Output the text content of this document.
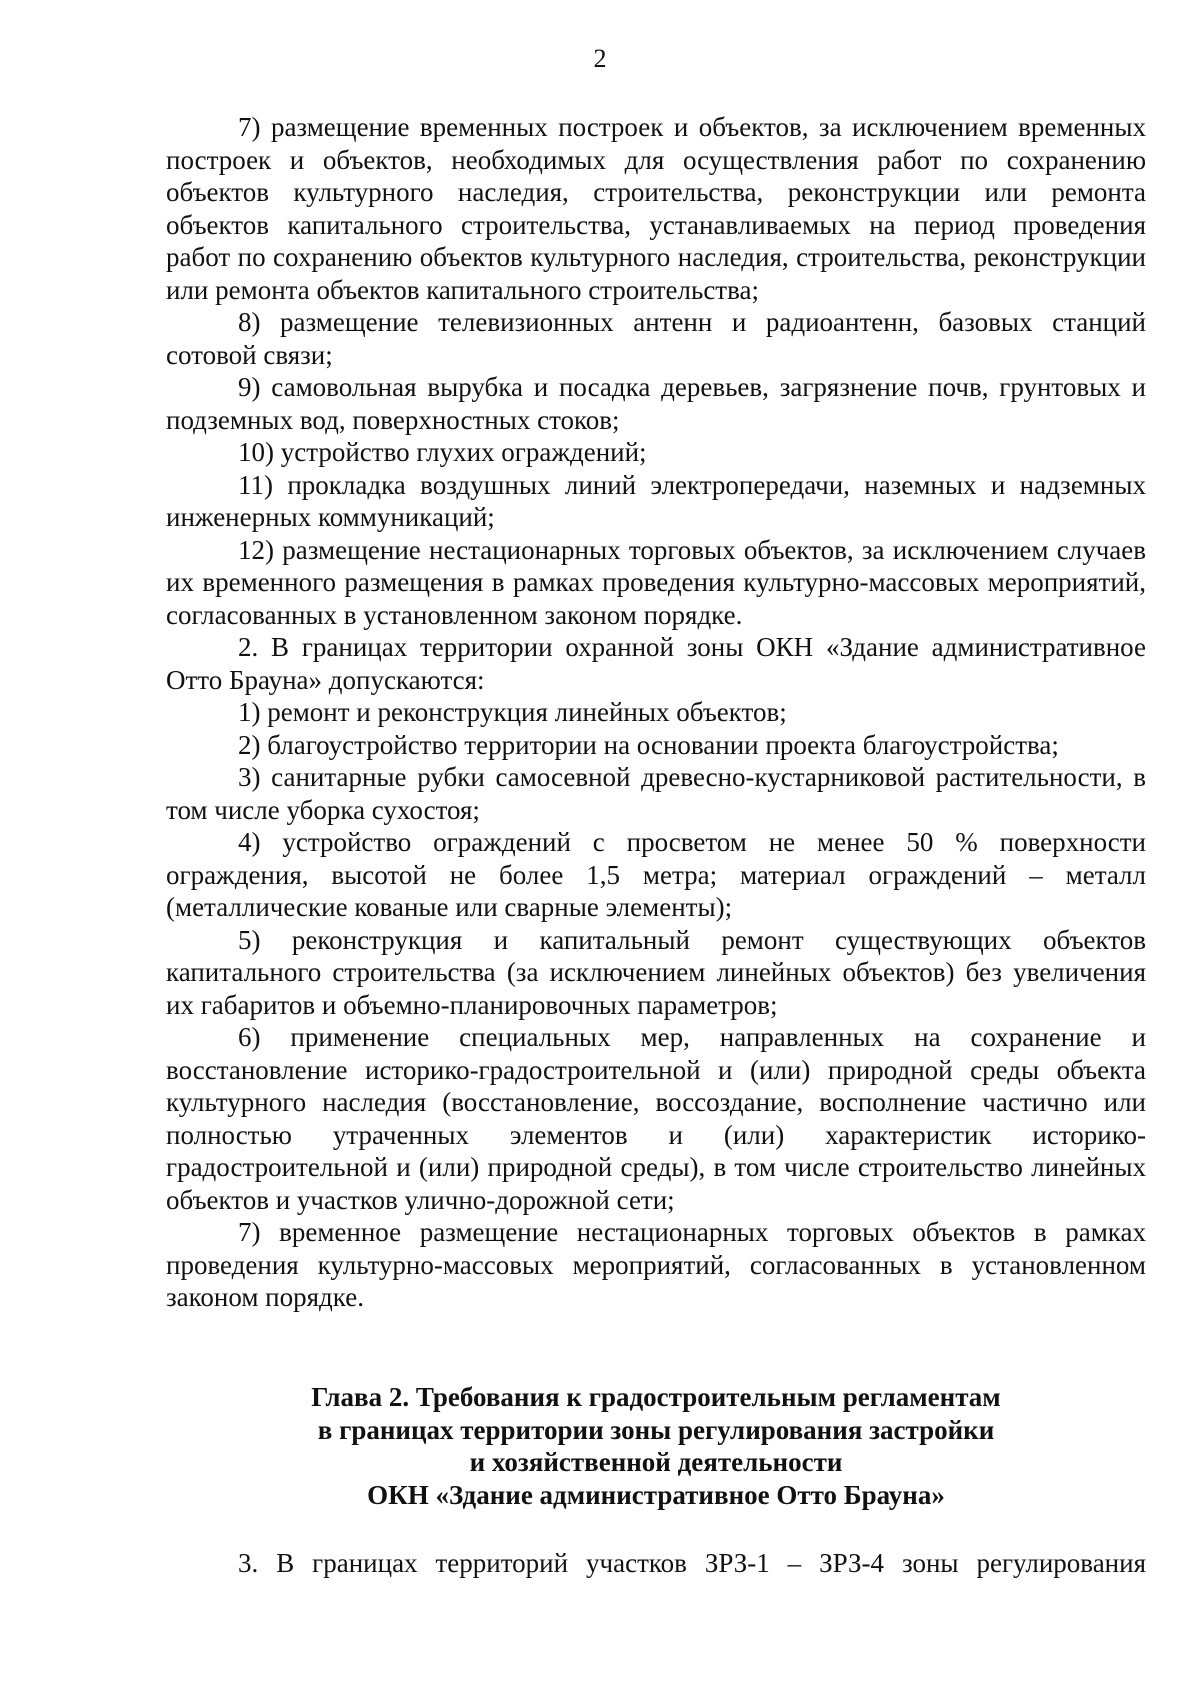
2

7) размещение временных построек и объектов, за исключением временных построек и объектов, необходимых для осуществления работ по сохранению объектов культурного наследия, строительства, реконструкции или ремонта объектов капитального строительства, устанавливаемых на период проведения работ по сохранению объектов культурного наследия, строительства, реконструкции или ремонта объектов капитального строительства;

8) размещение телевизионных антенн и радиоантенн, базовых станций сотовой связи;

9) самовольная вырубка и посадка деревьев, загрязнение почв, грунтовых и подземных вод, поверхностных стоков;

10) устройство глухих ограждений;

11) прокладка воздушных линий электропередачи, наземных и надземных инженерных коммуникаций;

12) размещение нестационарных торговых объектов, за исключением случаев их временного размещения в рамках проведения культурно-массовых мероприятий, согласованных в установленном законом порядке.

2. В границах территории охранной зоны ОКН «Здание административное Отто Брауна» допускаются:

1) ремонт и реконструкция линейных объектов;

2) благоустройство территории на основании проекта благоустройства;

3) санитарные рубки самосевной древесно-кустарниковой растительности, в том числе уборка сухостоя;

4) устройство ограждений с просветом не менее 50 % поверхности ограждения, высотой не более 1,5 метра; материал ограждений – металл (металлические кованые или сварные элементы);

5) реконструкция и капитальный ремонт существующих объектов капитального строительства (за исключением линейных объектов) без увеличения их габаритов и объемно-планировочных параметров;

6) применение специальных мер, направленных на сохранение и восстановление историко-градостроительной и (или) природной среды объекта культурного наследия (восстановление, воссоздание, восполнение частично или полностью утраченных элементов и (или) характеристик историко-градостроительной и (или) природной среды), в том числе строительство линейных объектов и участков улично-дорожной сети;

7) временное размещение нестационарных торговых объектов в рамках проведения культурно-массовых мероприятий, согласованных в установленном законом порядке.

Глава 2. Требования к градостроительным регламентам
в границах территории зоны регулирования застройки
и хозяйственной деятельности
ОКН «Здание административное Отто Брауна»

3. В границах территорий участков ЗРЗ-1 – ЗРЗ-4 зоны регулирования
